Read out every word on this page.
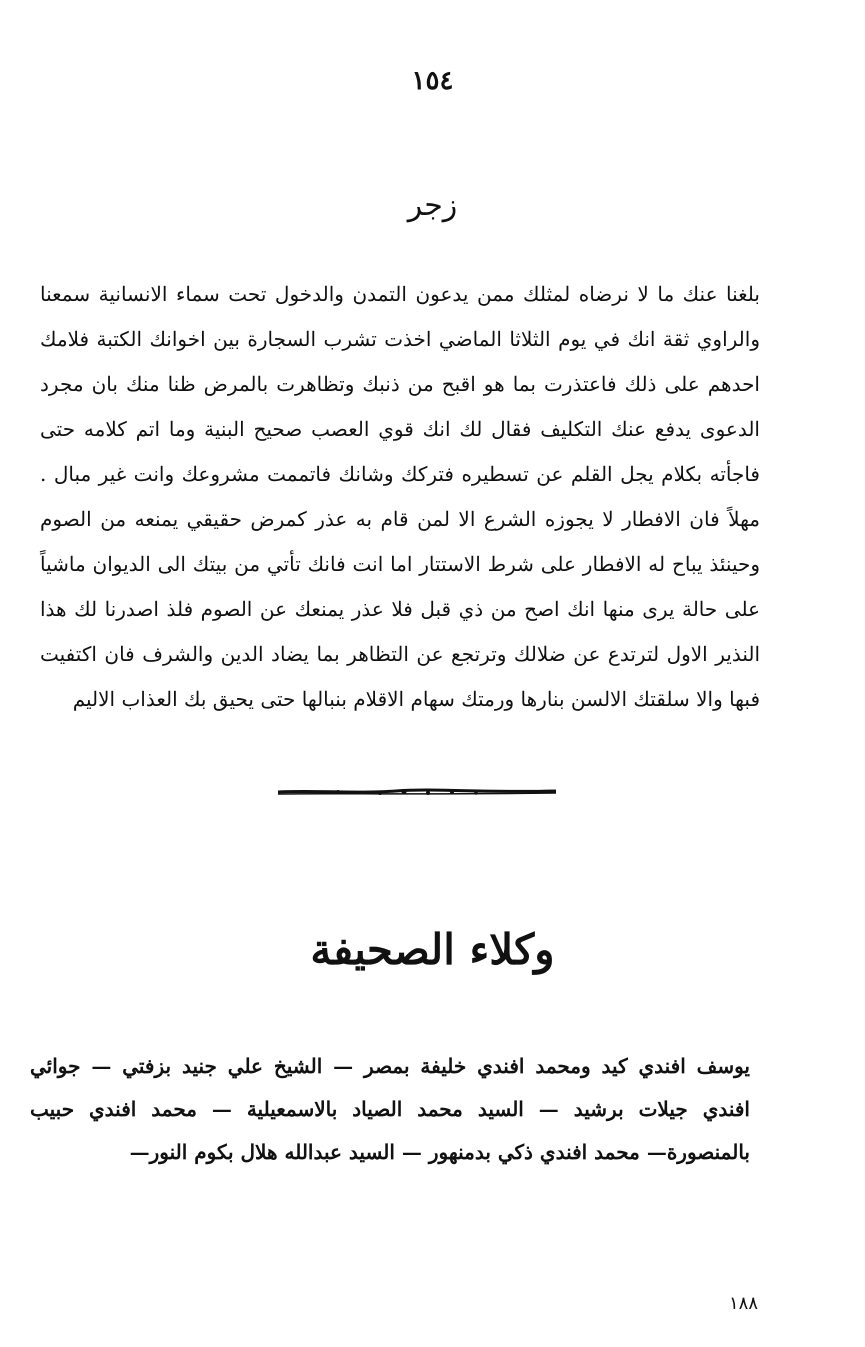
١٥٤
زجر
بلغنا عنك ما لا نرضاه لمثلك ممن يدعون التمدن والدخول تحت سماء الانسانية سمعنا والراوي ثقة انك في يوم الثلاثا الماضي اخذت تشرب السجارة بين اخوانك الكتبة فلامك احدهم على ذلك فاعتذرت بما هو اقبح من ذنبك وتظاهرت بالمرض ظنا منك بان مجرد الدعوى يدفع عنك التكليف فقال لك انك قوي العصب صحيح البنية وما اتم كلامه حتى فاجأته بكلام يجل القلم عن تسطيره فتركك وشانك فاتممت مشروعك وانت غير مبال . مهلاً فان الافطار لا يجوزه الشرع الا لمن قام به عذر كمرض حقيقي يمنعه من الصوم وحينئذ يباح له الافطار على شرط الاستتار اما انت فانك تأتي من بيتك الى الديوان ماشياً على حالة يرى منها انك اصح من ذي قبل فلا عذر يمنعك عن الصوم فلذ اصدرنا لك هذا النذير الاول لترتدع عن ضلالك وترتجع عن التظاهر بما يضاد الدين والشرف فان اكتفيت فبها والا سلقتك الالسن بنارها ورمتك سهام الاقلام بنبالها حتى يحيق بك العذاب الاليم
وكلاء الصحيفة
يوسف افندي كيد ومحمد افندي خليفة بمصر — الشيخ علي جنيد بزفتي — جوائي افندي جيلات برشيد — السيد محمد الصياد بالاسمعيلية — محمد افندي حبيب بالمنصورة— محمد افندي ذكي بدمنهور — السيد عبدالله هلال بكوم النور—
١٨٨
